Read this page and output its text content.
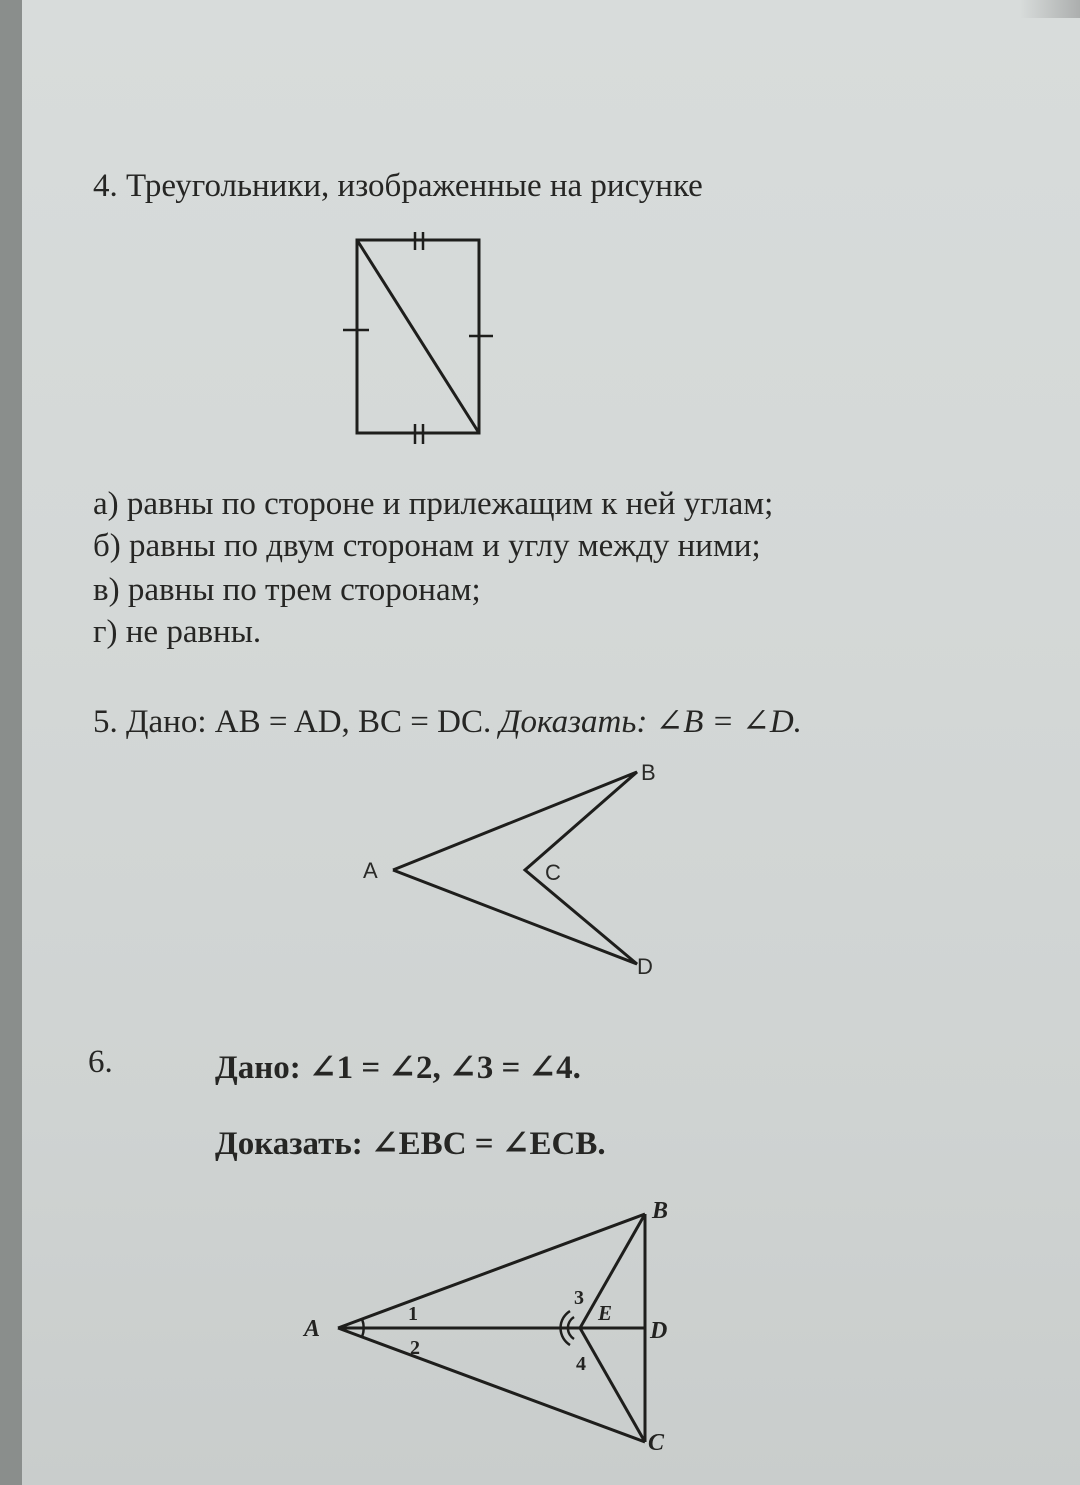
4. Треугольники, изображенные на рисунке
а) равны по стороне и прилежащим к ней углам;
б) равны по двум сторонам и углу между ними;
в) равны по трем сторонам;
г) не равны.
5. Дано: AB = AD, BC = DC. Доказать: ∠B = ∠D.
A
B
C
D
6.	Дано: ∠1 = ∠2, ∠3 = ∠4.
Доказать: ∠EBC = ∠ECB.
A
B
C
D
E
1
2
3
4
